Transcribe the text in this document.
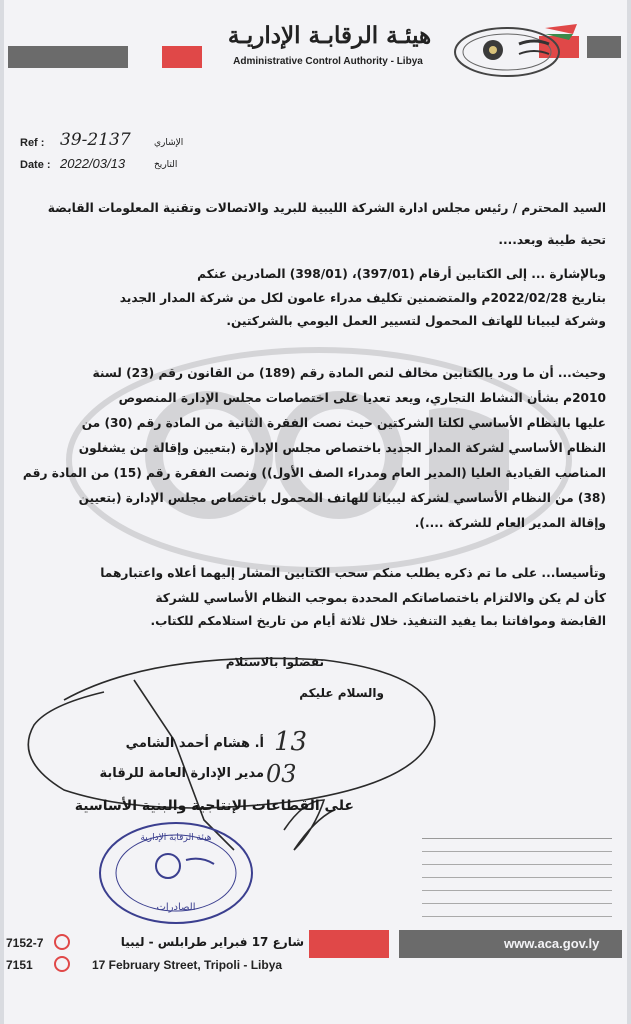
هيئـة الرقابـة الإداريـة
Administrative Control Authority - Libya
Ref : 39-2137	الإشاري
Date : 2022/03/13	التاريخ
السيد المحترم / رئيس مجلس ادارة الشركة الليبية للبريد والاتصالات وتقنية المعلومات القابضة
تحية طيبة وبعد....
وبالإشارة ... إلى الكتابين أرقام (397/01)، (398/01) الصادرين عنكم
بتاريخ 2022/02/28م والمتضمنين تكليف مدراء عامون لكل من شركة المدار الجديد
وشركة ليبيانا للهاتف المحمول لتسيير العمل اليومي بالشركتين.
وحيث... أن ما ورد بالكتابين مخالف لنص المادة رقم (189) من القانون رقم (23) لسنة
2010م بشأن النشاط التجاري، ويعد تعديا على اختصاصات مجلس الإدارة المنصوص
عليها بالنظام الأساسي لكلتا الشركتين حيث نصت الفقرة الثانية من المادة رقم (30) من
النظام الأساسي لشركة المدار الجديد باختصاص مجلس الإدارة (بتعيين وإقالة من يشغلون
المناصب القيادية العليا (المدير العام ومدراء الصف الأول)) ونصت الفقرة رقم (15) من المادة رقم
(38) من النظام الأساسي لشركة ليبيانا للهاتف المحمول باختصاص مجلس الإدارة (بتعيين
وإقالة المدير العام للشركة ....).
وتأسيسا... على ما تم ذكره يطلب منكم سحب الكتابين المشار إليهما أعلاه واعتبارهما
كأن لم يكن والالتزام باختصاصاتكم المحددة بموجب النظام الأساسي للشركة
القابضة وموافاتنا بما يفيد التنفيذ. خلال ثلاثة أيام من تاريخ استلامكم للكتاب.
تفضلوا بالاستلام
والسلام عليكم
13
03
أ. هشام أحمد الشامي
مدير الإدارة العامة للرقابة
على القطاعات الإنتاجية والبنية الأساسية
هيئة الرقابة الإدارية
الصادرات
www.aca.gov.ly
7152-7
7151
شارع 17 فبراير طرابلس - ليبيا
17 February Street, Tripoli - Libya
